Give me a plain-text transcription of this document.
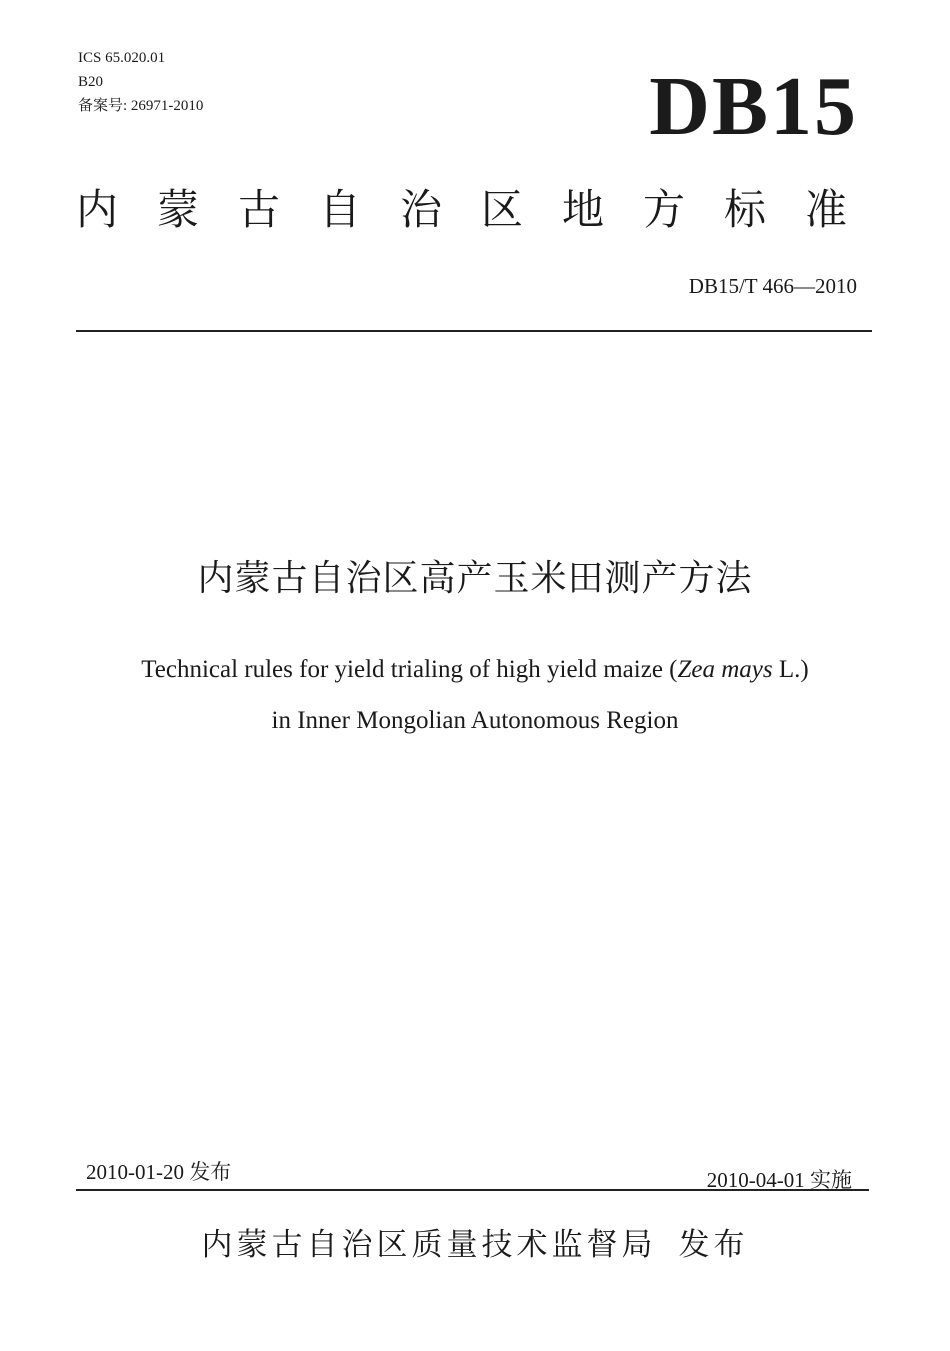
ICS 65.020.01
B20
备案号: 26971-2010	DB15
内蒙古自治区地方标准
DB15/T 466—2010
内蒙古自治区高产玉米田测产方法
Technical rules for yield trialing of high yield maize (Zea mays L.)
in Inner Mongolian Autonomous Region
2010-01-20 发布	2010-04-01 实施
内蒙古自治区质量技术监督局 发布
